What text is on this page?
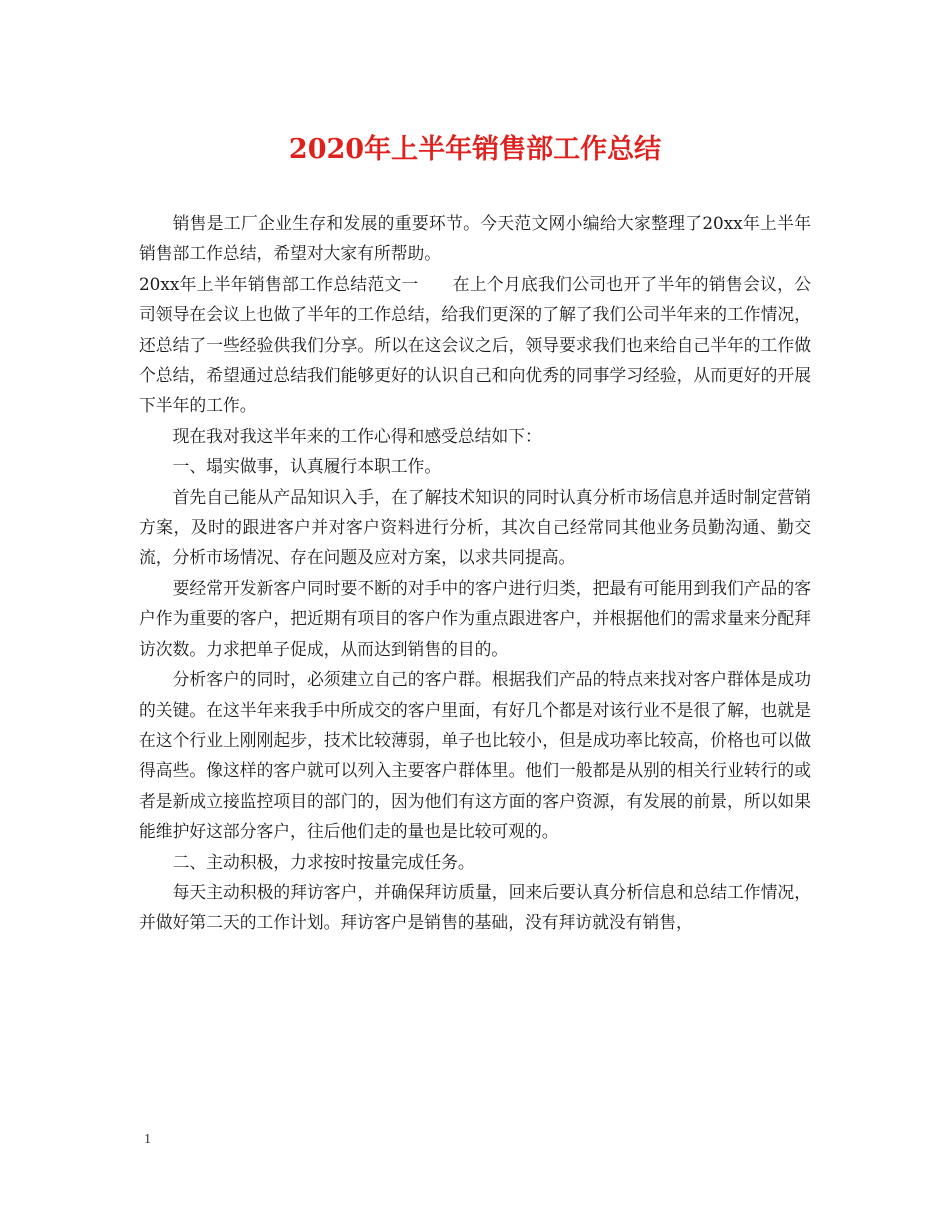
2020年上半年销售部工作总结

销售是工厂企业生存和发展的重要环节。今天范文网小编给大家整理了20xx年上半年销售部工作总结，希望对大家有所帮助。

20xx年上半年销售部工作总结范文一　　在上个月底我们公司也开了半年的销售会议，公司领导在会议上也做了半年的工作总结，给我们更深的了解了我们公司半年来的工作情况，还总结了一些经验供我们分享。所以在这会议之后，领导要求我们也来给自己半年的工作做个总结，希望通过总结我们能够更好的认识自己和向优秀的同事学习经验，从而更好的开展下半年的工作。

现在我对我这半年来的工作心得和感受总结如下：

一、塌实做事，认真履行本职工作。

首先自己能从产品知识入手，在了解技术知识的同时认真分析市场信息并适时制定营销方案，及时的跟进客户并对客户资料进行分析，其次自己经常同其他业务员勤沟通、勤交流，分析市场情况、存在问题及应对方案，以求共同提高。

要经常开发新客户同时要不断的对手中的客户进行归类，把最有可能用到我们产品的客户作为重要的客户，把近期有项目的客户作为重点跟进客户，并根据他们的需求量来分配拜访次数。力求把单子促成，从而达到销售的目的。

分析客户的同时，必须建立自己的客户群。根据我们产品的特点来找对客户群体是成功的关键。在这半年来我手中所成交的客户里面，有好几个都是对该行业不是很了解，也就是在这个行业上刚刚起步，技术比较薄弱，单子也比较小，但是成功率比较高，价格也可以做得高些。像这样的客户就可以列入主要客户群体里。他们一般都是从别的相关行业转行的或者是新成立接监控项目的部门的，因为他们有这方面的客户资源，有发展的前景，所以如果能维护好这部分客户，往后他们走的量也是比较可观的。

二、主动积极，力求按时按量完成任务。

每天主动积极的拜访客户，并确保拜访质量，回来后要认真分析信息和总结工作情况，并做好第二天的工作计划。拜访客户是销售的基础，没有拜访就没有销售，

1
